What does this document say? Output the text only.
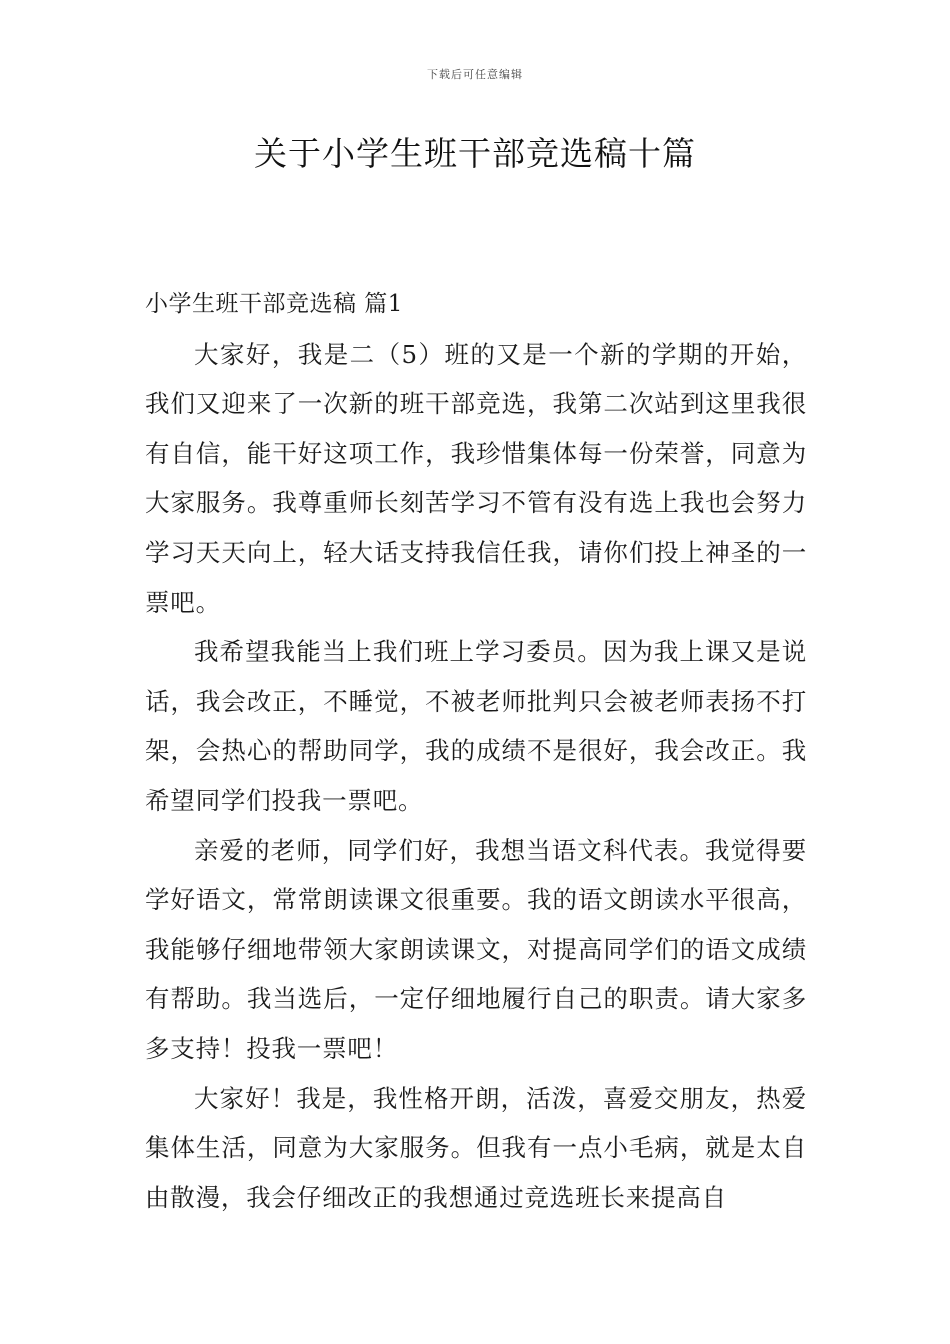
下载后可任意编辑
关于小学生班干部竞选稿十篇

小学生班干部竞选稿 篇1

大家好，我是二（5）班的又是一个新的学期的开始，我们又迎来了一次新的班干部竞选，我第二次站到这里我很有自信，能干好这项工作，我珍惜集体每一份荣誉，同意为大家服务。我尊重师长刻苦学习不管有没有选上我也会努力学习天天向上，轻大话支持我信任我，请你们投上神圣的一票吧。

我希望我能当上我们班上学习委员。因为我上课又是说话，我会改正，不睡觉，不被老师批判只会被老师表扬不打架，会热心的帮助同学，我的成绩不是很好，我会改正。我希望同学们投我一票吧。

亲爱的老师，同学们好，我想当语文科代表。我觉得要学好语文，常常朗读课文很重要。我的语文朗读水平很高，我能够仔细地带领大家朗读课文，对提高同学们的语文成绩有帮助。我当选后，一定仔细地履行自己的职责。请大家多多支持！投我一票吧！

大家好！我是，我性格开朗，活泼，喜爱交朋友，热爱集体生活，同意为大家服务。但我有一点小毛病，就是太自由散漫，我会仔细改正的我想通过竞选班长来提高自
